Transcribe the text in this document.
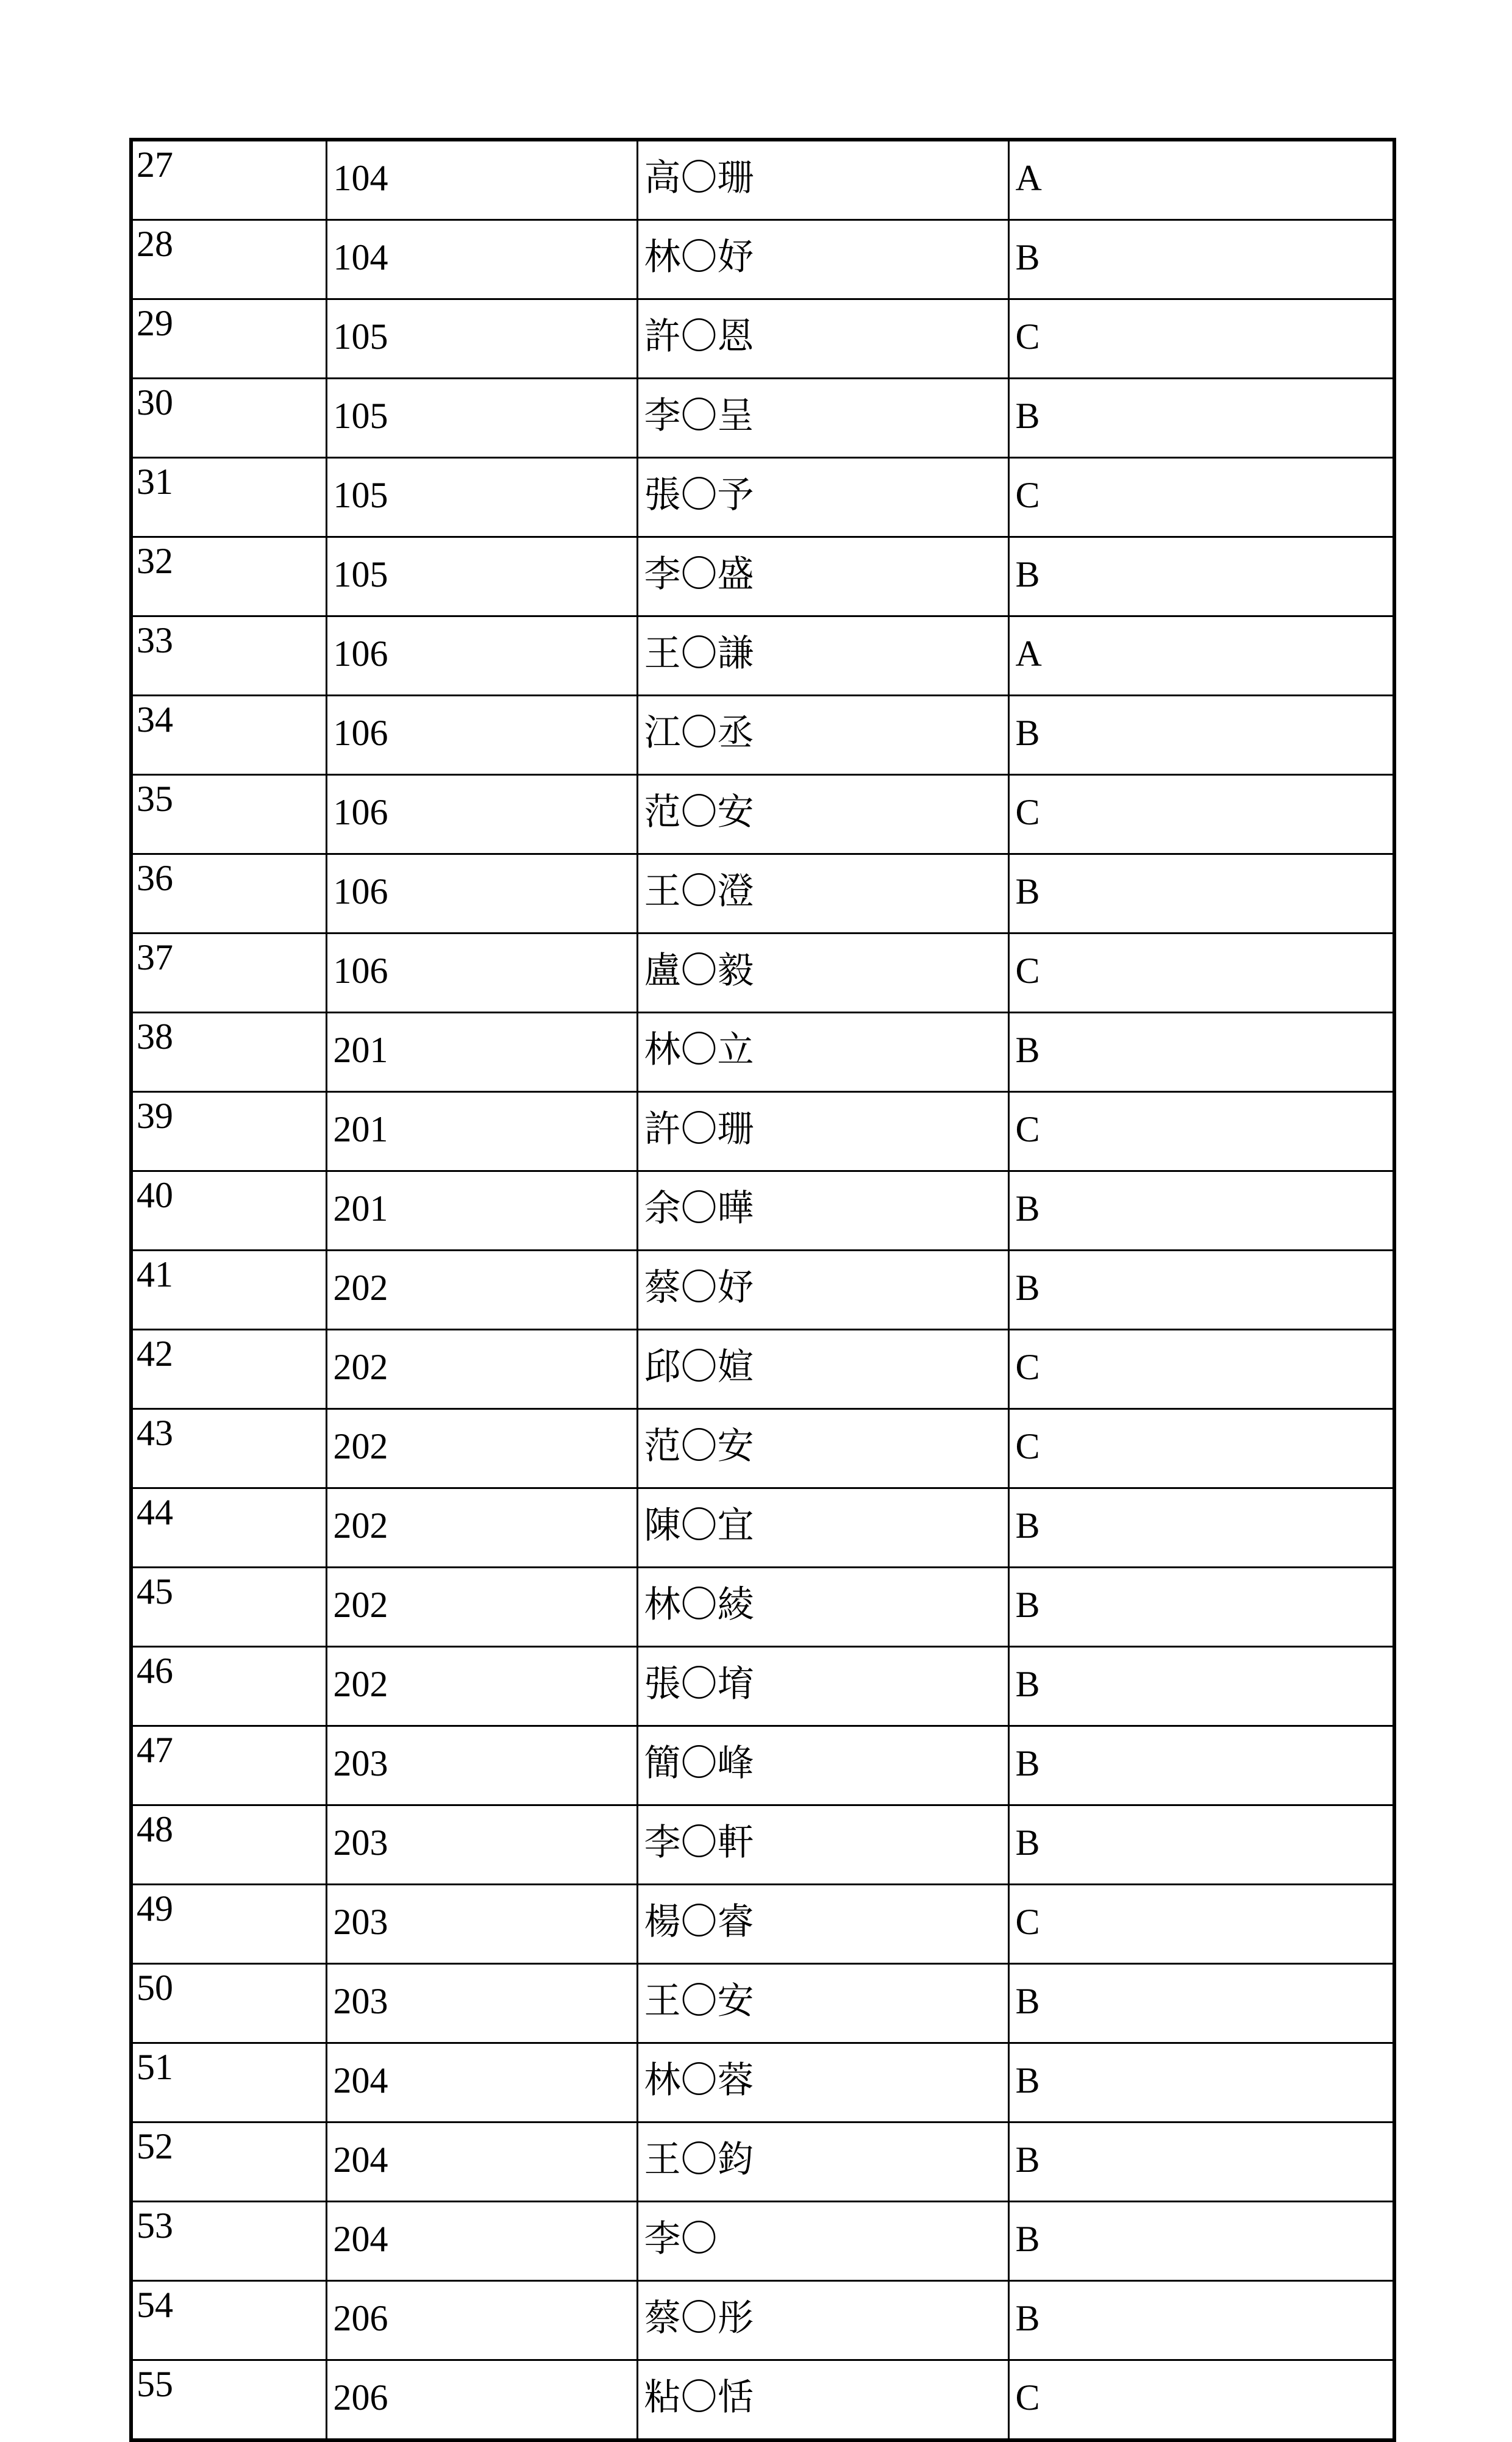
27	104	高〇珊	A

28	104	林〇妤	B

29	105	許〇恩	C

30	105	李〇呈	B

31	105	張〇予	C

32	105	李〇盛	B

33	106	王〇謙	A

34	106	江〇丞	B

35	106	范〇安	C

36	106	王〇澄	B

37	106	盧〇毅	C

38	201	林〇立	B

39	201	許〇珊	C

40	201	余〇曄	B

41	202	蔡〇妤	B

42	202	邱〇媗	C

43	202	范〇安	C

44	202	陳〇宜	B

45	202	林〇綾	B

46	202	張〇堉	B

47	203	簡〇峰	B

48	203	李〇軒	B

49	203	楊〇睿	C

50	203	王〇安	B

51	204	林〇蓉	B

52	204	王〇鈞	B

53	204	李〇	B

54	206	蔡〇彤	B

55	206	粘〇恬	C
